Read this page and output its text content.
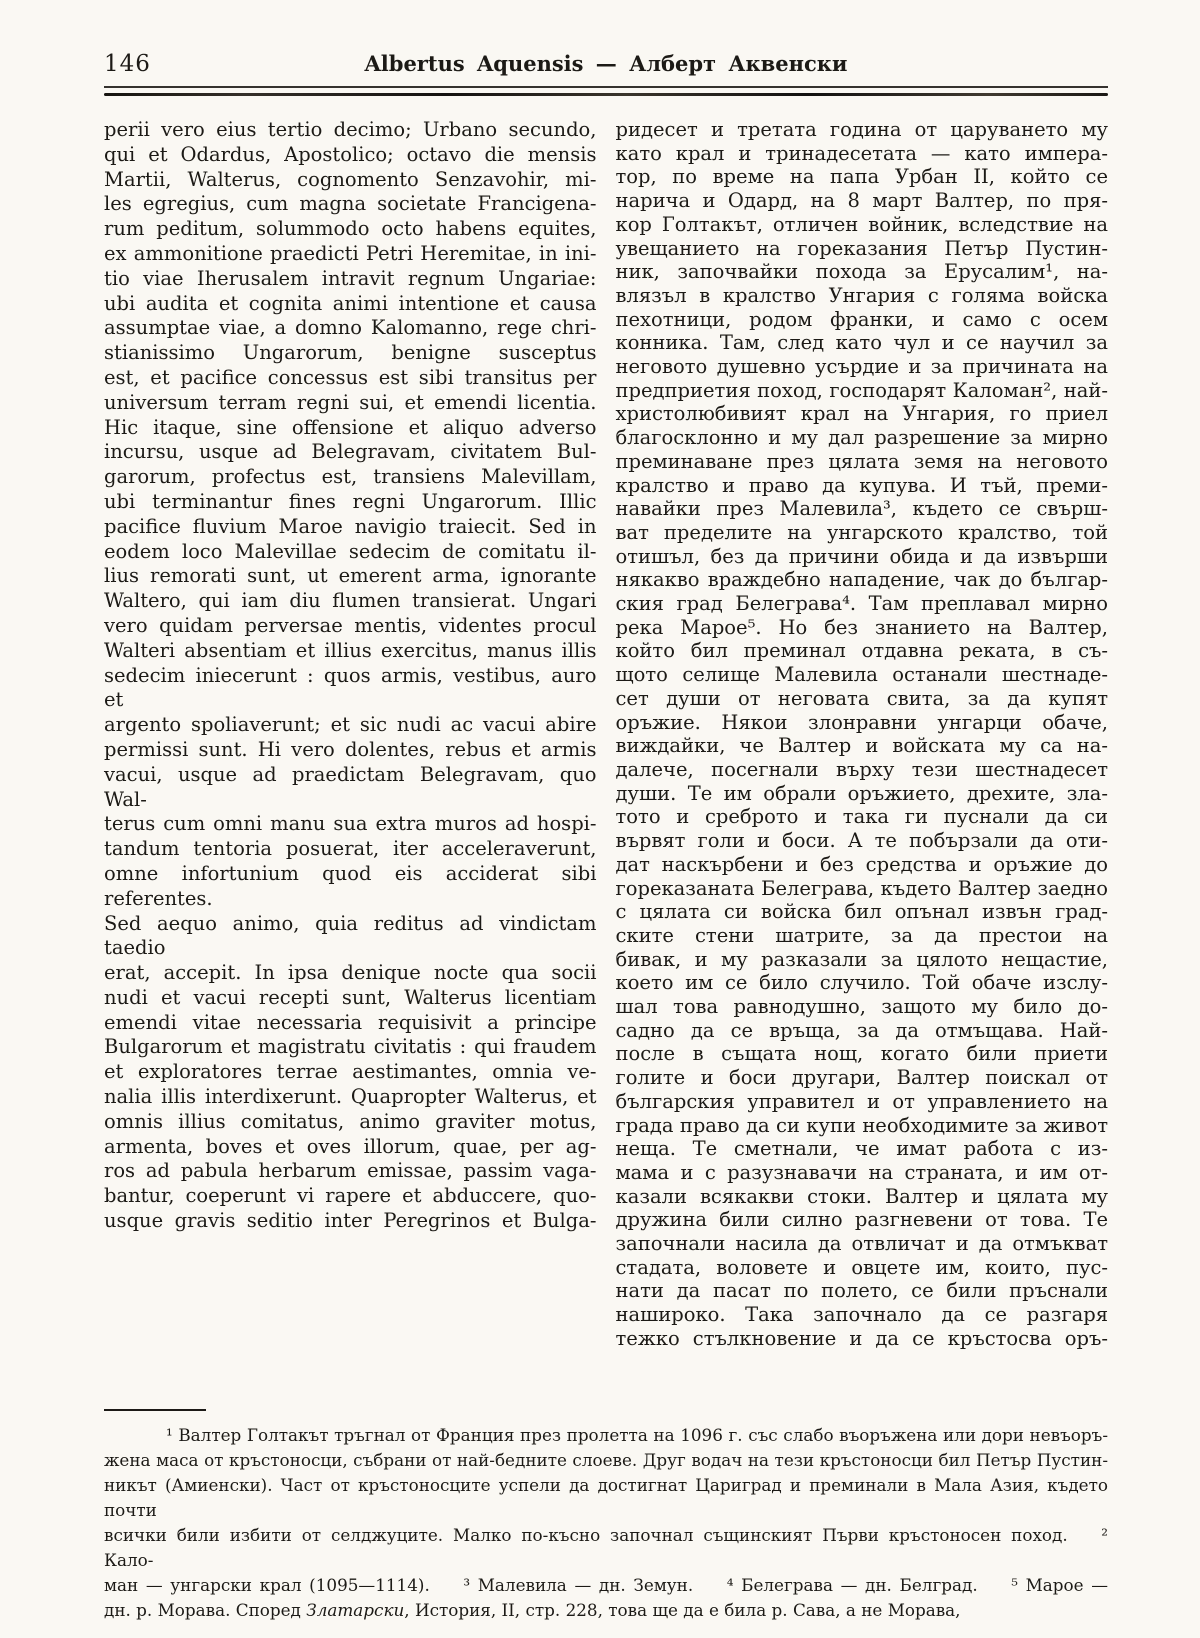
146	Albertus Aquensis — Алберт Аквенски
perii vero eius tertio decimo; Urbano secundo,
qui et Odardus, Apostolico; octavo die mensis
Martii, Walterus, cognomento Senzavohir, mi-
les egregius, cum magna societate Francigena-
rum peditum, solummodo octo habens equites,
ex ammonitione praedicti Petri Heremitae, in ini-
tio viae Iherusalem intravit regnum Ungariae:
ubi audita et cognita animi intentione et causa
assumptae viae, a domno Kalomanno, rege chri-
stianissimo Ungarorum, benigne susceptus
est, et pacifice concessus est sibi transitus per
universum terram regni sui, et emendi licentia.
Hic itaque, sine offensione et aliquo adverso
incursu, usque ad Belegravam, civitatem Bul-
garorum, profectus est, transiens Malevillam,
ubi terminantur fines regni Ungarorum. Illic
pacifice fluvium Maroe navigio traiecit. Sed in
eodem loco Malevillae sedecim de comitatu il-
lius remorati sunt, ut emerent arma, ignorante
Waltero, qui iam diu flumen transierat. Ungari
vero quidam perversae mentis, videntes procul
Walteri absentiam et illius exercitus, manus illis
sedecim iniecerunt : quos armis, vestibus, auro et
argento spoliaverunt; et sic nudi ac vacui abire
permissi sunt. Hi vero dolentes, rebus et armis
vacui, usque ad praedictam Belegravam, quo Wal-
terus cum omni manu sua extra muros ad hospi-
tandum tentoria posuerat, iter acceleraverunt,
omne infortunium quod eis acciderat sibi referentes.
Sed aequo animo, quia reditus ad vindictam taedio
erat, accepit. In ipsa denique nocte qua socii
nudi et vacui recepti sunt, Walterus licentiam
emendi vitae necessaria requisivit a principe
Bulgarorum et magistratu civitatis : qui fraudem
et exploratores terrae aestimantes, omnia ve-
nalia illis interdixerunt. Quapropter Walterus, et
omnis illius comitatus, animo graviter motus,
armenta, boves et oves illorum, quae, per ag-
ros ad pabula herbarum emissae, passim vaga-
bantur, coeperunt vi rapere et abduccere, quo-
usque gravis seditio inter Peregrinos et Bulga-
ридесет и третата година от царуването му
като крал и тринадесетата — като импера-
тор, по време на папа Урбан II, който се
нарича и Одард, на 8 март Валтер, по пря-
кор Голтакът, отличен войник, вследствие на
увещанието на гореказания Петър Пустин-
ник, започвайки похода за Ерусалим¹, на-
влязъл в кралство Унгария с голяма войска
пехотници, родом франки, и само с осем
конника. Там, след като чул и се научил за
неговото душевно усърдие и за причината на
предприетия поход, господарят Каломан², най-
христолюбивият крал на Унгария, го приел
благосклонно и му дал разрешение за мирно
преминаване през цялата земя на неговото
кралство и право да купува. И тъй, преми-
навайки през Малевила³, където се свърш-
ват пределите на унгарското кралство, той
отишъл, без да причини обида и да извърши
някакво враждебно нападение, чак до българ-
ския град Белеграва⁴. Там преплавал мирно
река Марое⁵. Но без знанието на Валтер,
който бил преминал отдавна реката, в съ-
щото селище Малевила останали шестнаде-
сет души от неговата свита, за да купят
оръжие. Някои злонравни унгарци обаче,
виждайки, че Валтер и войската му са на-
далече, посегнали върху тези шестнадесет
души. Те им обрали оръжието, дрехите, зла-
тото и среброто и така ги пуснали да си
вървят голи и боси. А те побързали да оти-
дат наскърбени и без средства и оръжие до
гореказаната Белеграва, където Валтер заедно
с цялата си войска бил опънал извън град-
ските стени шатрите, за да престои на
бивак, и му разказали за цялото нещастие,
което им се било случило. Той обаче изслу-
шал това равнодушно, защото му било до-
садно да се връща, за да отмъщава. Най-
после в същата нощ, когато били приети
голите и боси другари, Валтер поискал от
българския управител и от управлението на
града право да си купи необходимите за живот
неща. Те сметнали, че имат работа с из-
мама и с разузнавачи на страната, и им от-
казали всякакви стоки. Валтер и цялата му
дружина били силно разгневени от това. Те
започнали насила да отвличат и да отмъкват
стадата, воловете и овцете им, които, пус-
нати да пасат по полето, се били пръснали
нашироко. Така започнало да се разгаря
тежко стълкновение и да се кръстосва оръ-
¹ Валтер Голтакът тръгнал от Франция през пролетта на 1096 г. със слабо въоръжена или дори невъоръ-
жена маса от кръстоносци, събрани от най-бедните слоеве. Друг водач на тези кръстоносци бил Петър Пустин-
никът (Амиенски). Част от кръстоносците успели да достигнат Цариград и преминали в Мала Азия, където почти
всички били избити от селджуците. Малко по-късно започнал същинският Първи кръстоносен поход.  ² Кало-
ман — унгарски крал (1095—1114).  ³ Малевила — дн. Земун.  ⁴ Белеграва — дн. Белград.  ⁵ Марое —
дн. р. Морава. Според Златарски, История, II, стр. 228, това ще да е била р. Сава, а не Морава,
